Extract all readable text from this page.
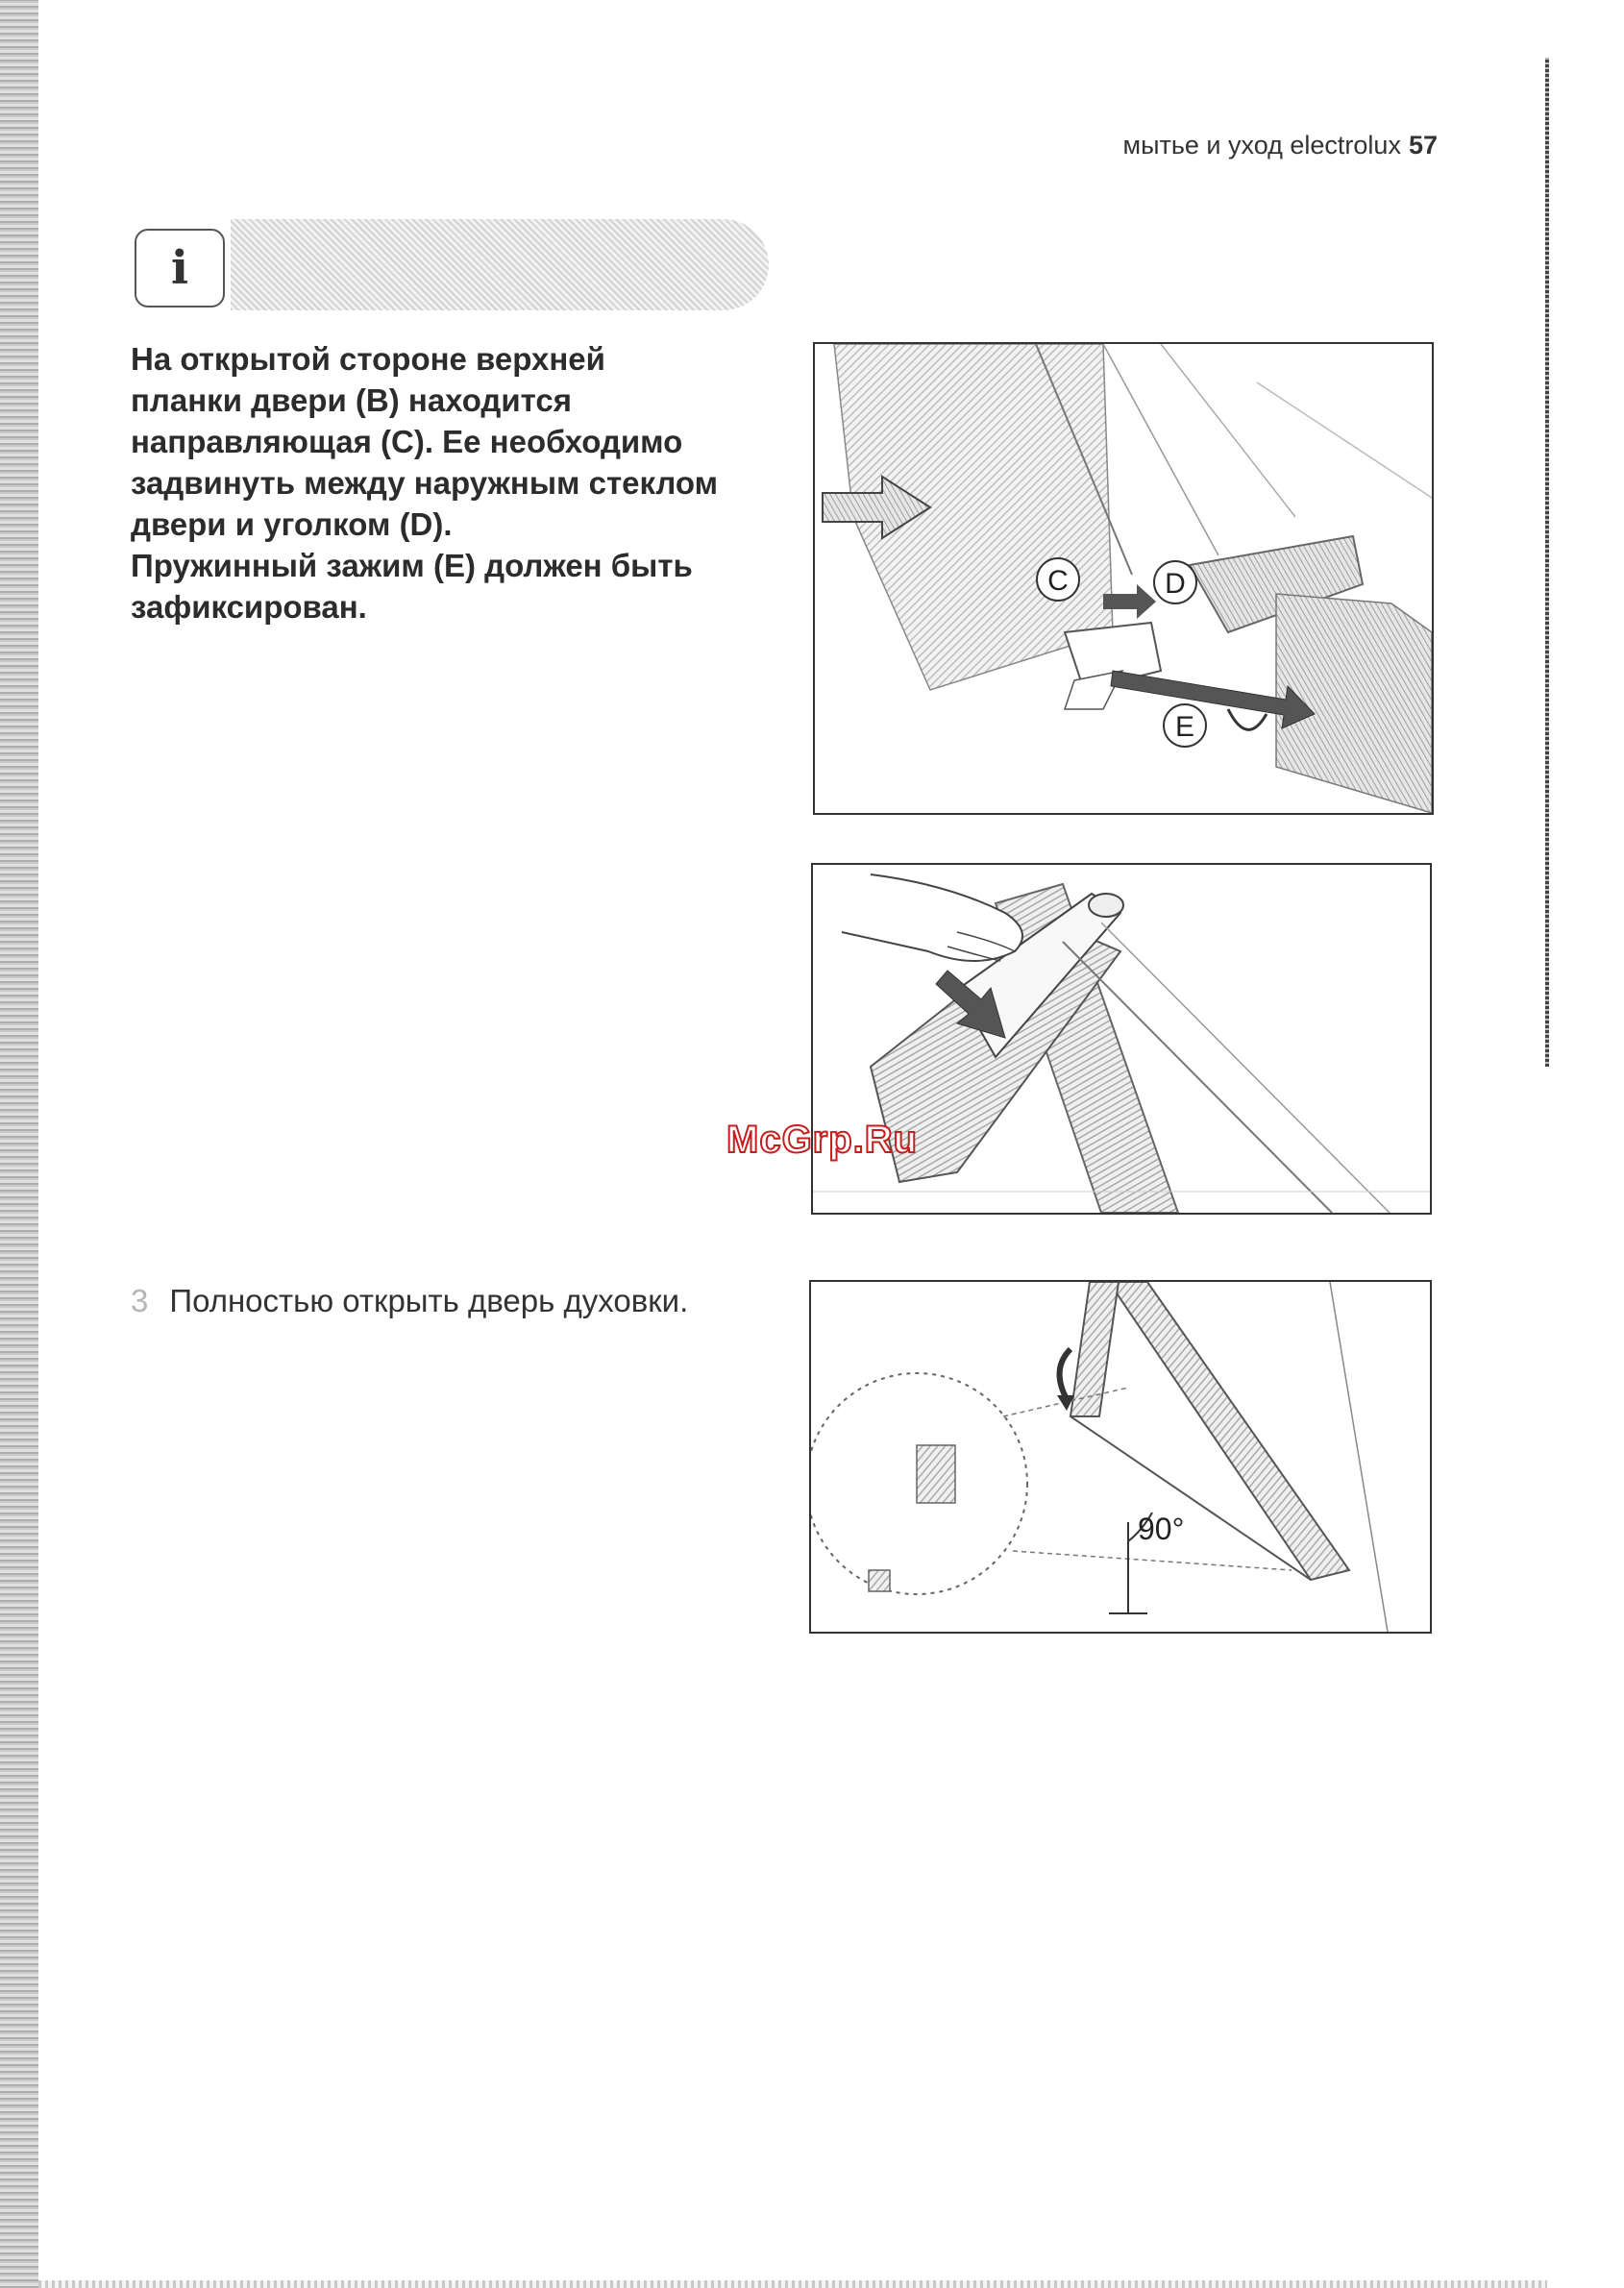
мытье и уход electrolux 57
i

На открытой стороне верхней
планки двери (B) находится
направляющая (C). Ее необходимо
задвинуть между наружным стеклом
двери и уголком (D).
Пружинный зажим (E) должен быть
зафиксирован.

C	D
E
McGrp.Ru

3 Полностью открыть дверь духовки.

90°
